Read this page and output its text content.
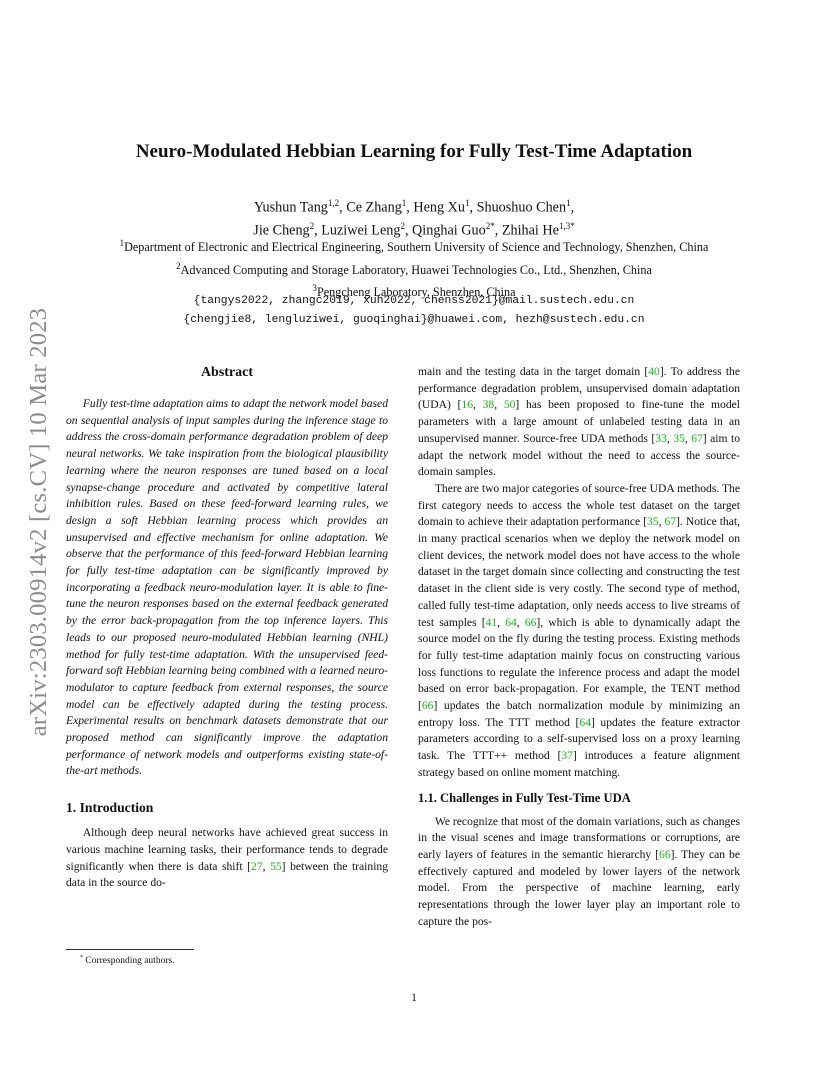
arXiv:2303.00914v2 [cs.CV] 10 Mar 2023
Neuro-Modulated Hebbian Learning for Fully Test-Time Adaptation
Yushun Tang$^{1,2}$, Ce Zhang$^1$, Heng Xu$^1$, Shuoshuo Chen$^1$,
Jie Cheng$^2$, Luziwei Leng$^2$, Qinghai Guo$^{2*}$, Zhihai $He^{1,3*}$
$^1$Department of Electronic and Electrical Engineering, Southern University of Science and Technology, Shenzhen, China
$^2$Advanced Computing and Storage Laboratory, Huawei Technologies Co., Ltd., Shenzhen, China
$^3$Pengcheng Laboratory, Shenzhen, China
{tangys2022, zhangc2019, xuh2022, chenss2021}@mail.sustech.edu.cn
{chengjie8, lengluziwei, guoqinghai}@huawei.com, hezh@sustech.edu.cn
Abstract
Fully test-time adaptation aims to adapt the network model based on sequential analysis of input samples during the inference stage to address the cross-domain performance degradation problem of deep neural networks. We take inspiration from the biological plausibility learning where the neuron responses are tuned based on a local synapse-change procedure and activated by competitive lateral inhibition rules. Based on these feed-forward learning rules, we design a soft Hebbian learning process which provides an unsupervised and effective mechanism for online adaptation. We observe that the performance of this feed-forward Hebbian learning for fully test-time adaptation can be significantly improved by incorporating a feedback neuro-modulation layer. It is able to fine-tune the neuron responses based on the external feedback generated by the error back-propagation from the top inference layers. This leads to our proposed neuro-modulated Hebbian learning (NHL) method for fully test-time adaptation. With the unsupervised feed-forward soft Hebbian learning being combined with a learned neuro-modulator to capture feedback from external responses, the source model can be effectively adapted during the testing process. Experimental results on benchmark datasets demonstrate that our proposed method can significantly improve the adaptation performance of network models and outperforms existing state-of-the-art methods.
1. Introduction
Although deep neural networks have achieved great success in various machine learning tasks, their performance tends to degrade significantly when there is data shift [27, 55] between the training data in the source do-
main and the testing data in the target domain [40]. To address the performance degradation problem, unsupervised domain adaptation (UDA) [16, 38, 50] has been proposed to fine-tune the model parameters with a large amount of unlabeled testing data in an unsupervised manner. Source-free UDA methods [33, 35, 67] aim to adapt the network model without the need to access the source-domain samples.
There are two major categories of source-free UDA methods. The first category needs to access the whole test dataset on the target domain to achieve their adaptation performance [35, 67]. Notice that, in many practical scenarios when we deploy the network model on client devices, the network model does not have access to the whole dataset in the target domain since collecting and constructing the test dataset in the client side is very costly. The second type of method, called fully test-time adaptation, only needs access to live streams of test samples [41, 64, 66], which is able to dynamically adapt the source model on the fly during the testing process. Existing methods for fully test-time adaptation mainly focus on constructing various loss functions to regulate the inference process and adapt the model based on error back-propagation. For example, the TENT method [66] updates the batch normalization module by minimizing an entropy loss. The TTT method [64] updates the feature extractor parameters according to a self-supervised loss on a proxy learning task. The TTT++ method [37] introduces a feature alignment strategy based on online moment matching.
1.1. Challenges in Fully Test-Time UDA
We recognize that most of the domain variations, such as changes in the visual scenes and image transformations or corruptions, are early layers of features in the semantic hierarchy [66]. They can be effectively captured and modeled by lower layers of the network model. From the perspective of machine learning, early representations through the lower layer play an important role to capture the pos-
* Corresponding authors.
1
